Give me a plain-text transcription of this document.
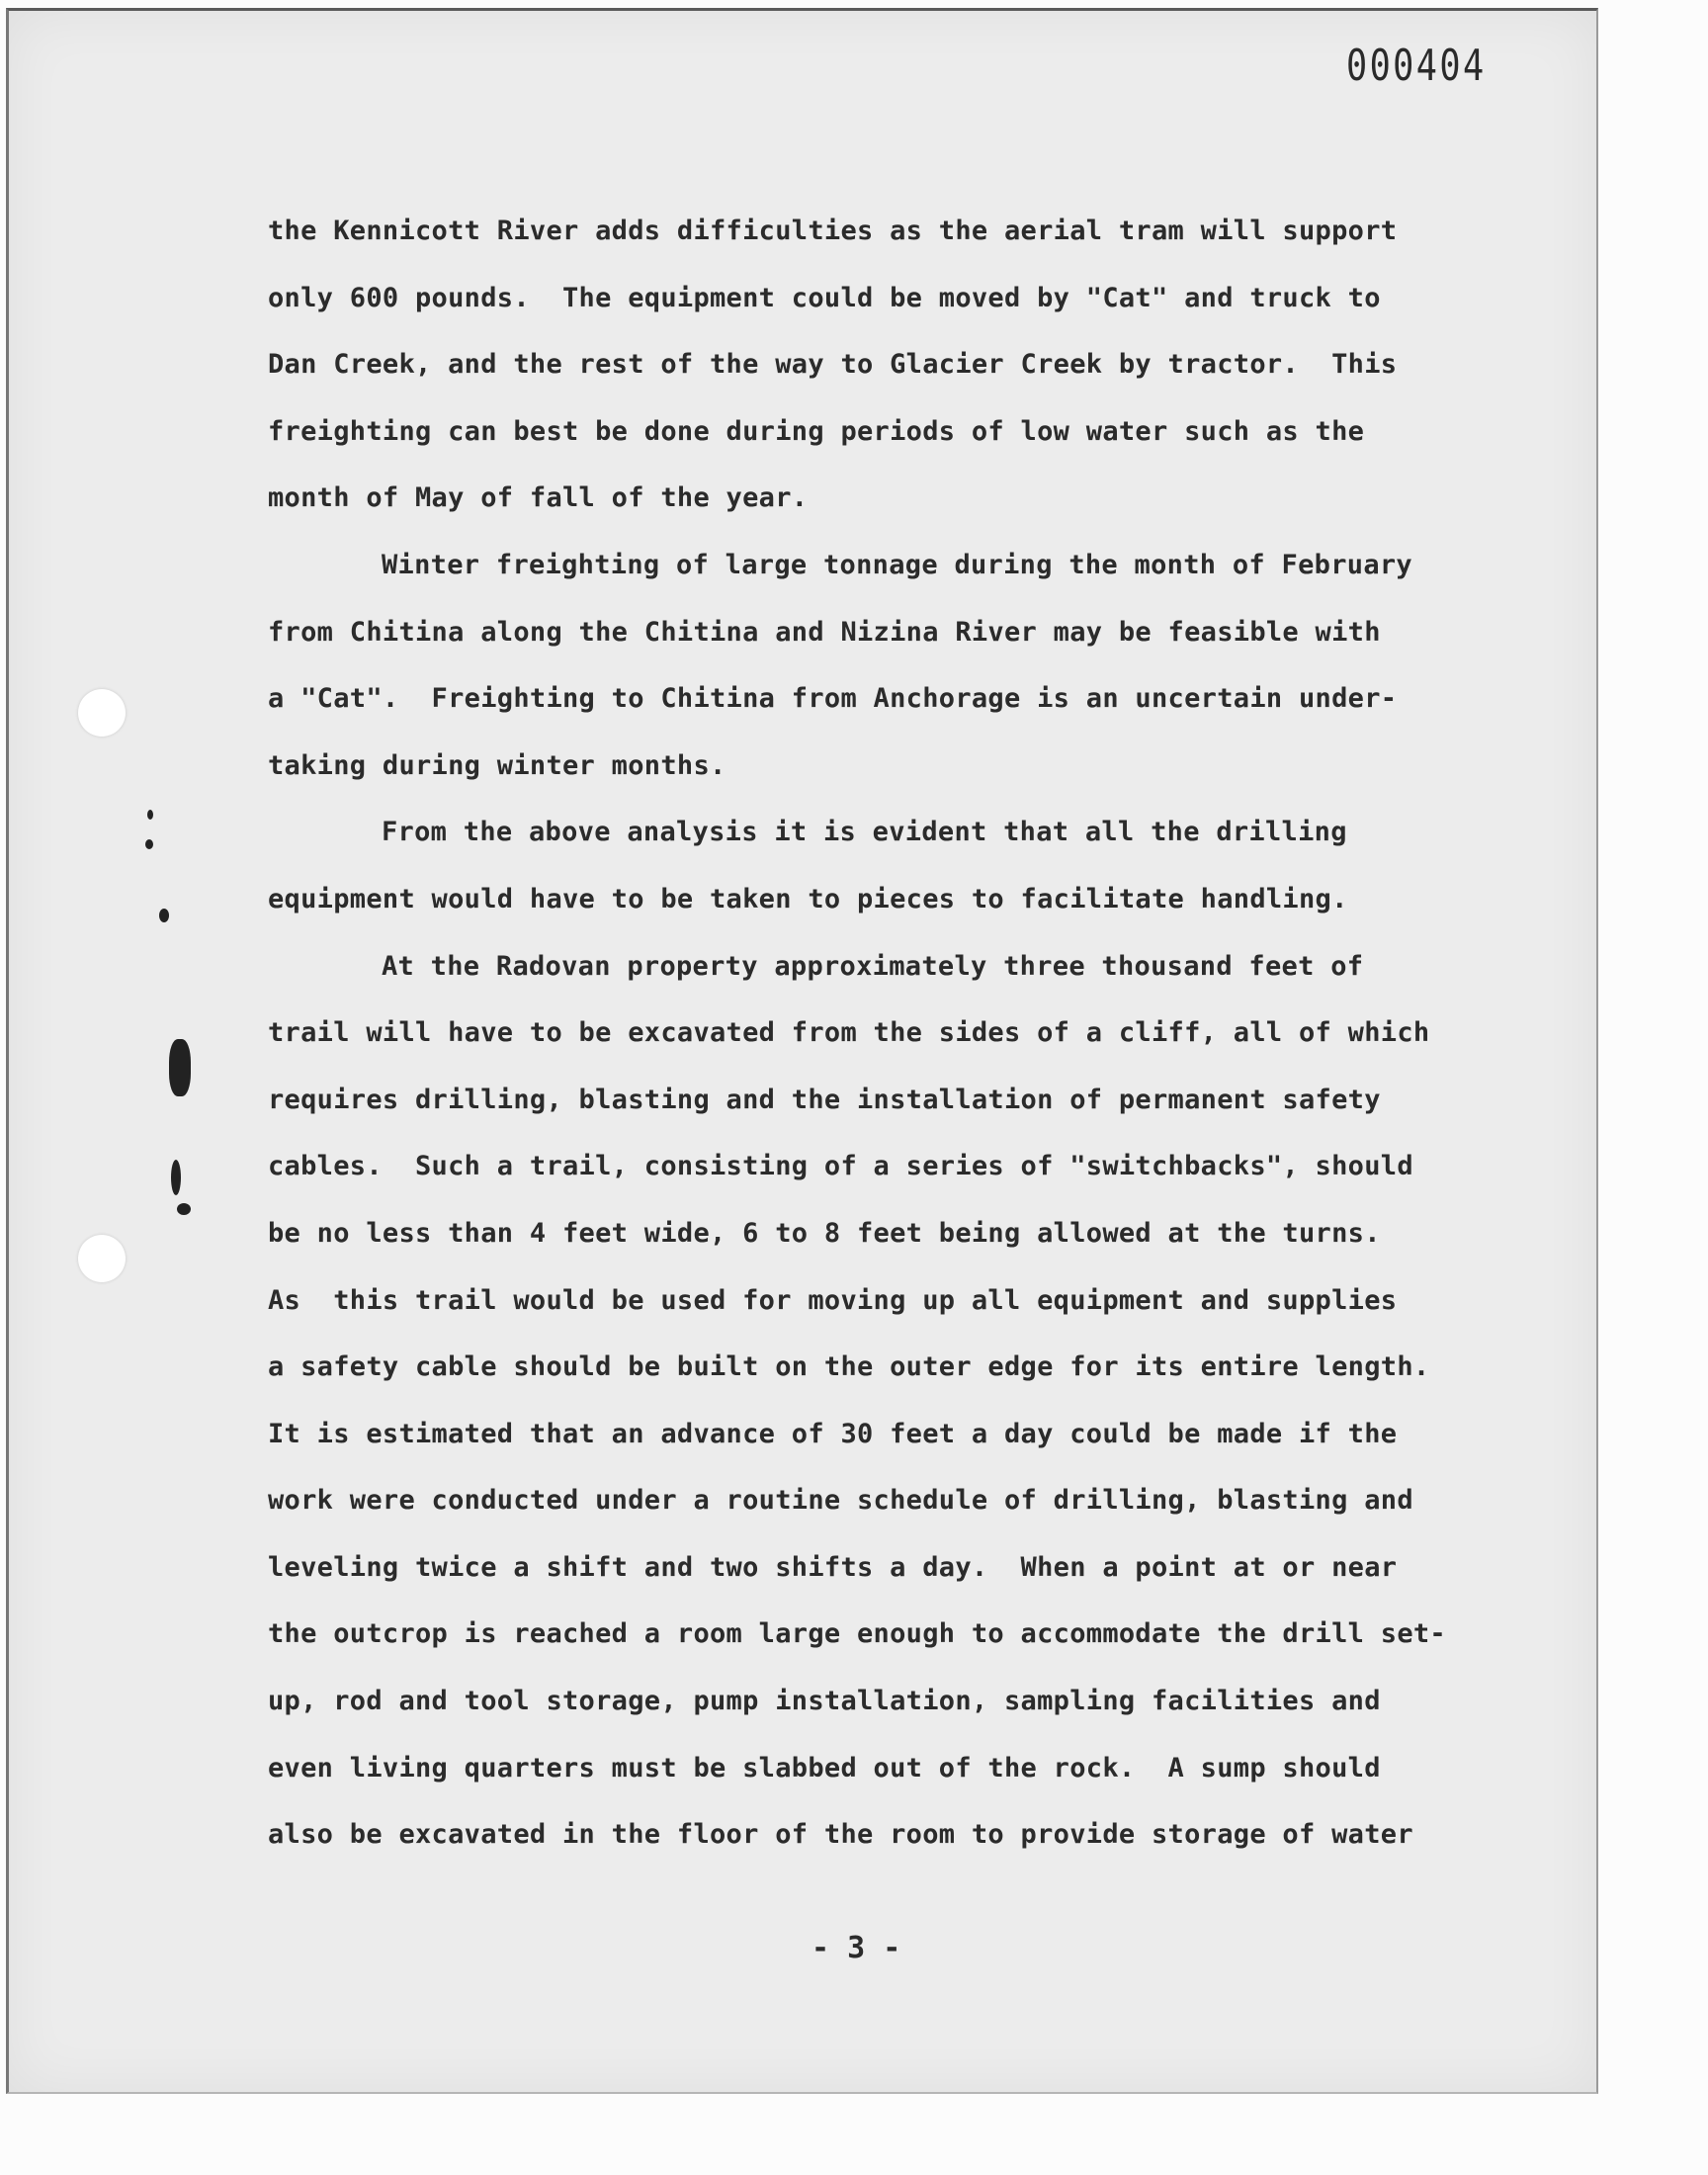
000404
the Kennicott River adds difficulties as the aerial tram will support
only 600 pounds.  The equipment could be moved by "Cat" and truck to
Dan Creek, and the rest of the way to Glacier Creek by tractor.  This
freighting can best be done during periods of low water such as the
month of May of fall of the year.
Winter freighting of large tonnage during the month of February
from Chitina along the Chitina and Nizina River may be feasible with
a "Cat".  Freighting to Chitina from Anchorage is an uncertain under-
taking during winter months.
From the above analysis it is evident that all the drilling
equipment would have to be taken to pieces to facilitate handling.
At the Radovan property approximately three thousand feet of
trail will have to be excavated from the sides of a cliff, all of which
requires drilling, blasting and the installation of permanent safety
cables.  Such a trail, consisting of a series of "switchbacks", should
be no less than 4 feet wide, 6 to 8 feet being allowed at the turns.
As  this trail would be used for moving up all equipment and supplies
a safety cable should be built on the outer edge for its entire length.
It is estimated that an advance of 30 feet a day could be made if the
work were conducted under a routine schedule of drilling, blasting and
leveling twice a shift and two shifts a day.  When a point at or near
the outcrop is reached a room large enough to accommodate the drill set-
up, rod and tool storage, pump installation, sampling facilities and
even living quarters must be slabbed out of the rock.  A sump should
also be excavated in the floor of the room to provide storage of water
- 3 -
